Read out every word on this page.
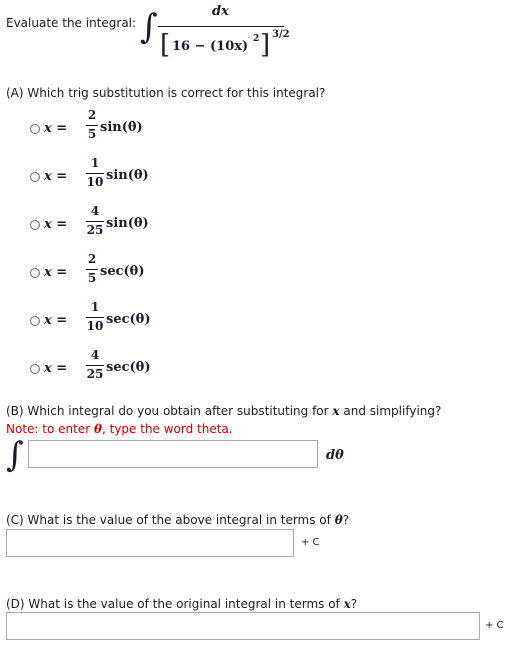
Evaluate the integral: ∫	dx
[ 16 − (10x) 2 ] 3/2
(A) Which trig substitution is correct for this integral?
x =
2
5 sin(θ)
x =
1
10 sin(θ)
x =
4
25 sin(θ)
x =
2
5 sec(θ)
x =
1
10 sec(θ)
x =
4
25 sec(θ)
(B) Which integral do you obtain after substituting for x and simplifying?
Note: to enter θ, type the word theta.
∫	dθ
(C) What is the value of the above integral in terms of θ?
+ C
(D) What is the value of the original integral in terms of x?
+ C
